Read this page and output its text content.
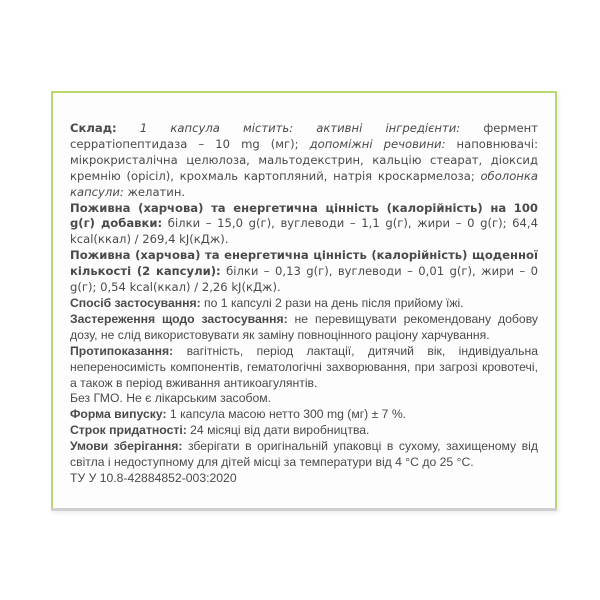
Склад: 1 капсула містить: активні інгредієнти: фермент серратіопептидаза – 10 mg (мг); допоміжні речовини: наповнювачі: мікрокристалічна целюлоза, мальтодекстрин, кальцію стеарат, діоксид кремнію (орісіл), крохмаль картопляний, натрія кроскармелоза; оболонка капсули: желатин.

Поживна (харчова) та енергетична цінність (калорійність) на 100 g(г) добавки: білки – 15,0 g(г), вуглеводи – 1,1 g(г), жири – 0 g(г); 64,4 kcal(ккал) / 269,4 kJ(кДж).

Поживна (харчова) та енергетична цінність (калорійність) щоденної кількості (2 капсули): білки – 0,13 g(г), вуглеводи – 0,01 g(г), жири – 0 g(г); 0,54 kcal(ккал) / 2,26 kJ(кДж).

Спосіб застосування: по 1 капсулі 2 рази на день після прийому їжі.

Застереження щодо застосування: не перевищувати рекомендовану добову дозу, не слід використовувати як заміну повноцінного раціону харчування.

Протипоказання: вагітність, період лактації, дитячий вік, індивідуальна непереносимість компонентів, гематологічні захворювання, при загрозі кровотечі, а також в період вживання антикоагулянтів.

Без ГМО. Не є лікарським засобом.

Форма випуску: 1 капсула масою нетто 300 mg (мг) ± 7 %.

Строк придатності: 24 місяці від дати виробництва.

Умови зберігання: зберігати в оригінальній упаковці в сухому, захищеному від світла і недоступному для дітей місці за температури від 4 °С до 25 °С.

ТУ У 10.8-42884852-003:2020
